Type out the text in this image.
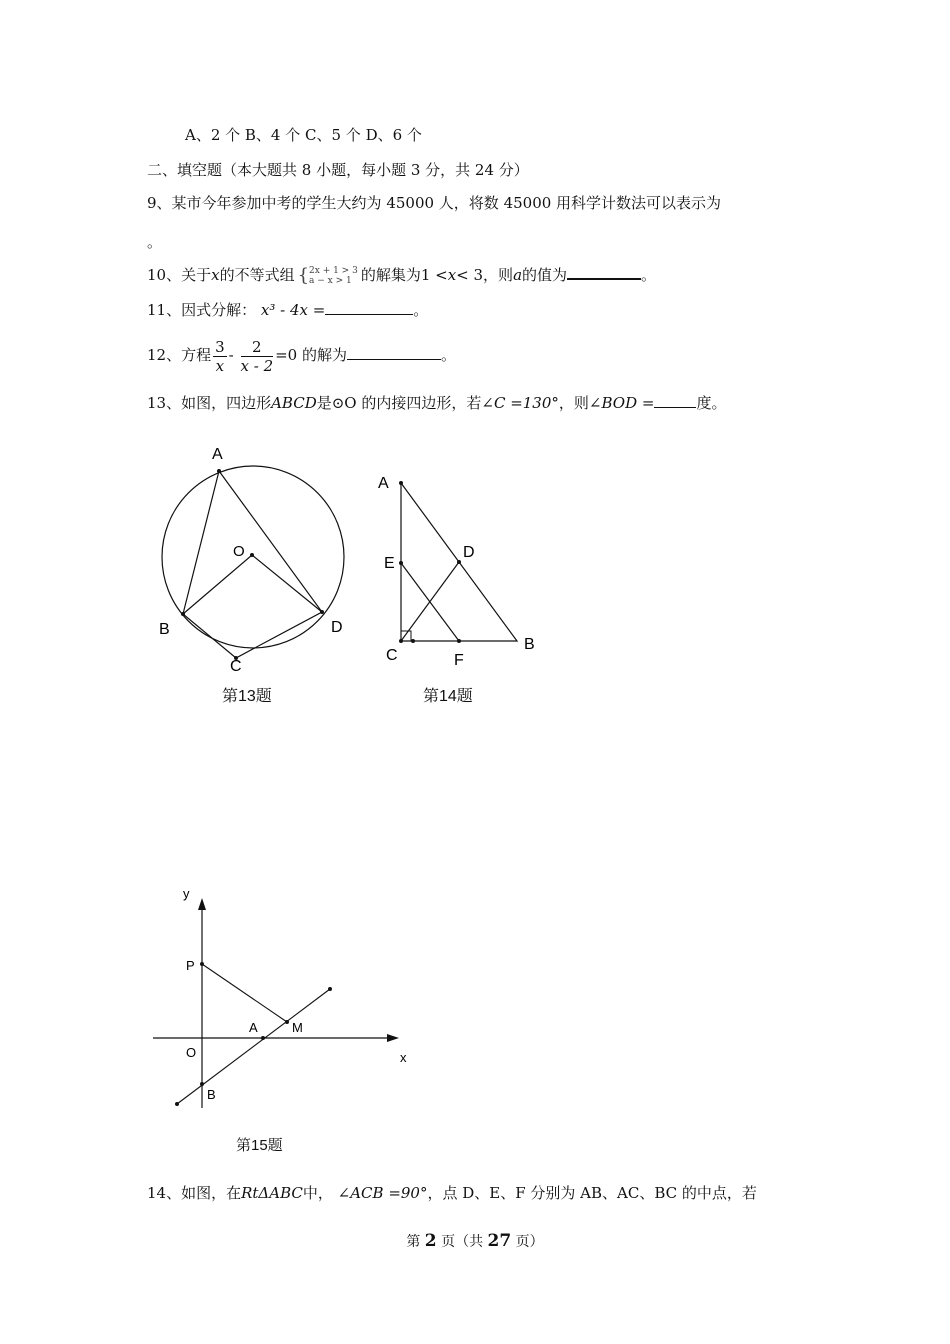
A、2 个 B、4 个 C、5 个 D、6 个
二、填空题（本大题共 8 小题，每小题 3 分，共 24 分）
9、某市今年参加中考的学生大约为 45000 人，将数 45000 用科学计数法可以表示为
。
10、关于x的不等式组 { 2x + 1 > 3
a − x > 1 的解集为1 <x< 3，则a的值为	。
11、因式分解： x³ - 4x =	。
12、方程 $\frac{3}{x} - \frac{2}{x - 2} =0$ 的解为	。
13、如图，四边形ABCD是⊙O 的内接四边形，若∠C =130°，则∠BOD =	度。
A
O
B	D
C
第13题
A
E
D
C	F
B
第14题
y
x
P
A	M
O
B
第15题
14、如图，在RtΔABC中， ∠ACB =90°，点 D、E、F 分别为 AB、AC、BC 的中点，若
第 2 页（共 27 页）
